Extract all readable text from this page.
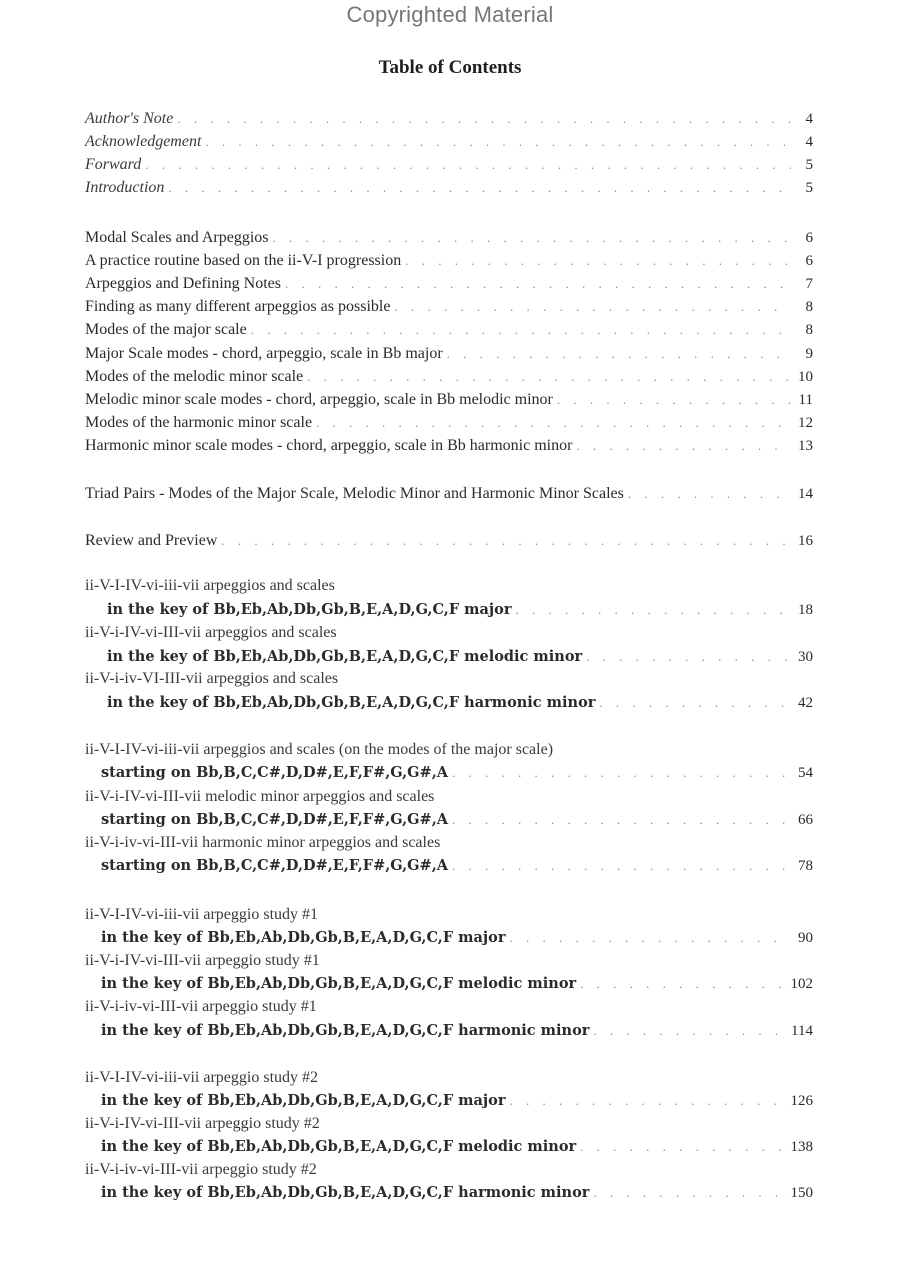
Copyrighted Material
Table of Contents
Author's Note . . .	4
Acknowledgement . . .	4
Forward . . .	5
Introduction . . .	5
Modal Scales and Arpeggios . . .	6
A practice routine based on the ii-V-I progression . . .	6
Arpeggios and Defining Notes . . .	7
Finding as many different arpeggios as possible . . .	8
Modes of the major scale . . .	8
Major Scale modes - chord, arpeggio, scale in Bb major . . .	9
Modes of the melodic minor scale . . .	10
Melodic minor scale modes - chord, arpeggio, scale in Bb melodic minor . . .	11
Modes of the harmonic minor scale . . .	12
Harmonic minor scale modes - chord, arpeggio, scale in Bb harmonic minor . . .	13
Triad Pairs - Modes of the Major Scale, Melodic Minor and Harmonic Minor Scales . . .	14
Review and Preview . . .	16
ii-V-I-IV-vi-iii-vii arpeggios and scales
in the key of Bb,Eb,Ab,Db,Gb,B,E,A,D,G,C,F major . . .	18
ii-V-i-IV-vi-III-vii arpeggios and scales
in the key of Bb,Eb,Ab,Db,Gb,B,E,A,D,G,C,F melodic minor . . .	30
ii-V-i-iv-VI-III-vii arpeggios and scales
in the key of Bb,Eb,Ab,Db,Gb,B,E,A,D,G,C,F harmonic minor . . .	42
ii-V-I-IV-vi-iii-vii arpeggios and scales (on the modes of the major scale)
starting on Bb,B,C,C#,D,D#,E,F,F#,G,G#,A . . .	54
ii-V-i-IV-vi-III-vii melodic minor arpeggios and scales
starting on Bb,B,C,C#,D,D#,E,F,F#,G,G#,A . . .	66
ii-V-i-iv-vi-III-vii harmonic minor arpeggios and scales
starting on Bb,B,C,C#,D,D#,E,F,F#,G,G#,A . . .	78
ii-V-I-IV-vi-iii-vii arpeggio study #1
in the key of Bb,Eb,Ab,Db,Gb,B,E,A,D,G,C,F major . . .	90
ii-V-i-IV-vi-III-vii arpeggio study #1
in the key of Bb,Eb,Ab,Db,Gb,B,E,A,D,G,C,F melodic minor . . .	102
ii-V-i-iv-vi-III-vii arpeggio study #1
in the key of Bb,Eb,Ab,Db,Gb,B,E,A,D,G,C,F harmonic minor . . .	114
ii-V-I-IV-vi-iii-vii arpeggio study #2
in the key of Bb,Eb,Ab,Db,Gb,B,E,A,D,G,C,F major . . .	126
ii-V-i-IV-vi-III-vii arpeggio study #2
in the key of Bb,Eb,Ab,Db,Gb,B,E,A,D,G,C,F melodic minor . . .	138
ii-V-i-iv-vi-III-vii arpeggio study #2
in the key of Bb,Eb,Ab,Db,Gb,B,E,A,D,G,C,F harmonic minor . . .	150
